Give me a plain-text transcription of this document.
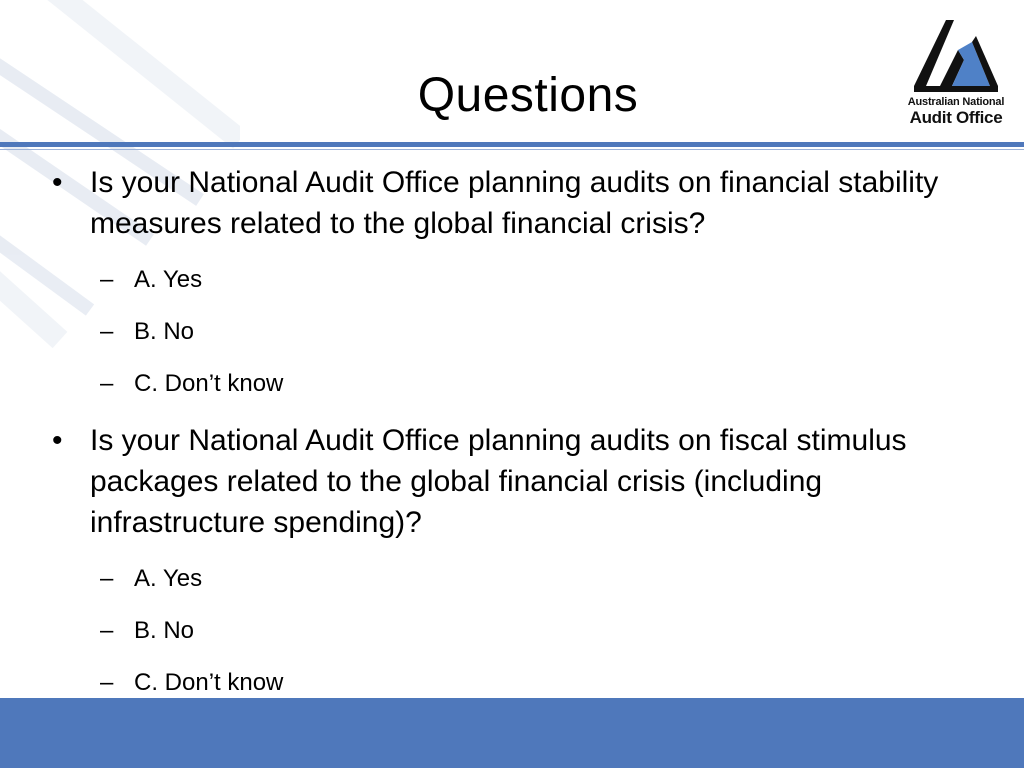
Questions	Australian National
Audit Office
• Is your National Audit Office planning audits on financial stability measures related to the global financial crisis?
– A. Yes
– B. No
– C. Don’t know
• Is your National Audit Office planning audits on fiscal stimulus packages related to the global financial crisis (including infrastructure spending)?
– A. Yes
– B. No
– C. Don’t know
